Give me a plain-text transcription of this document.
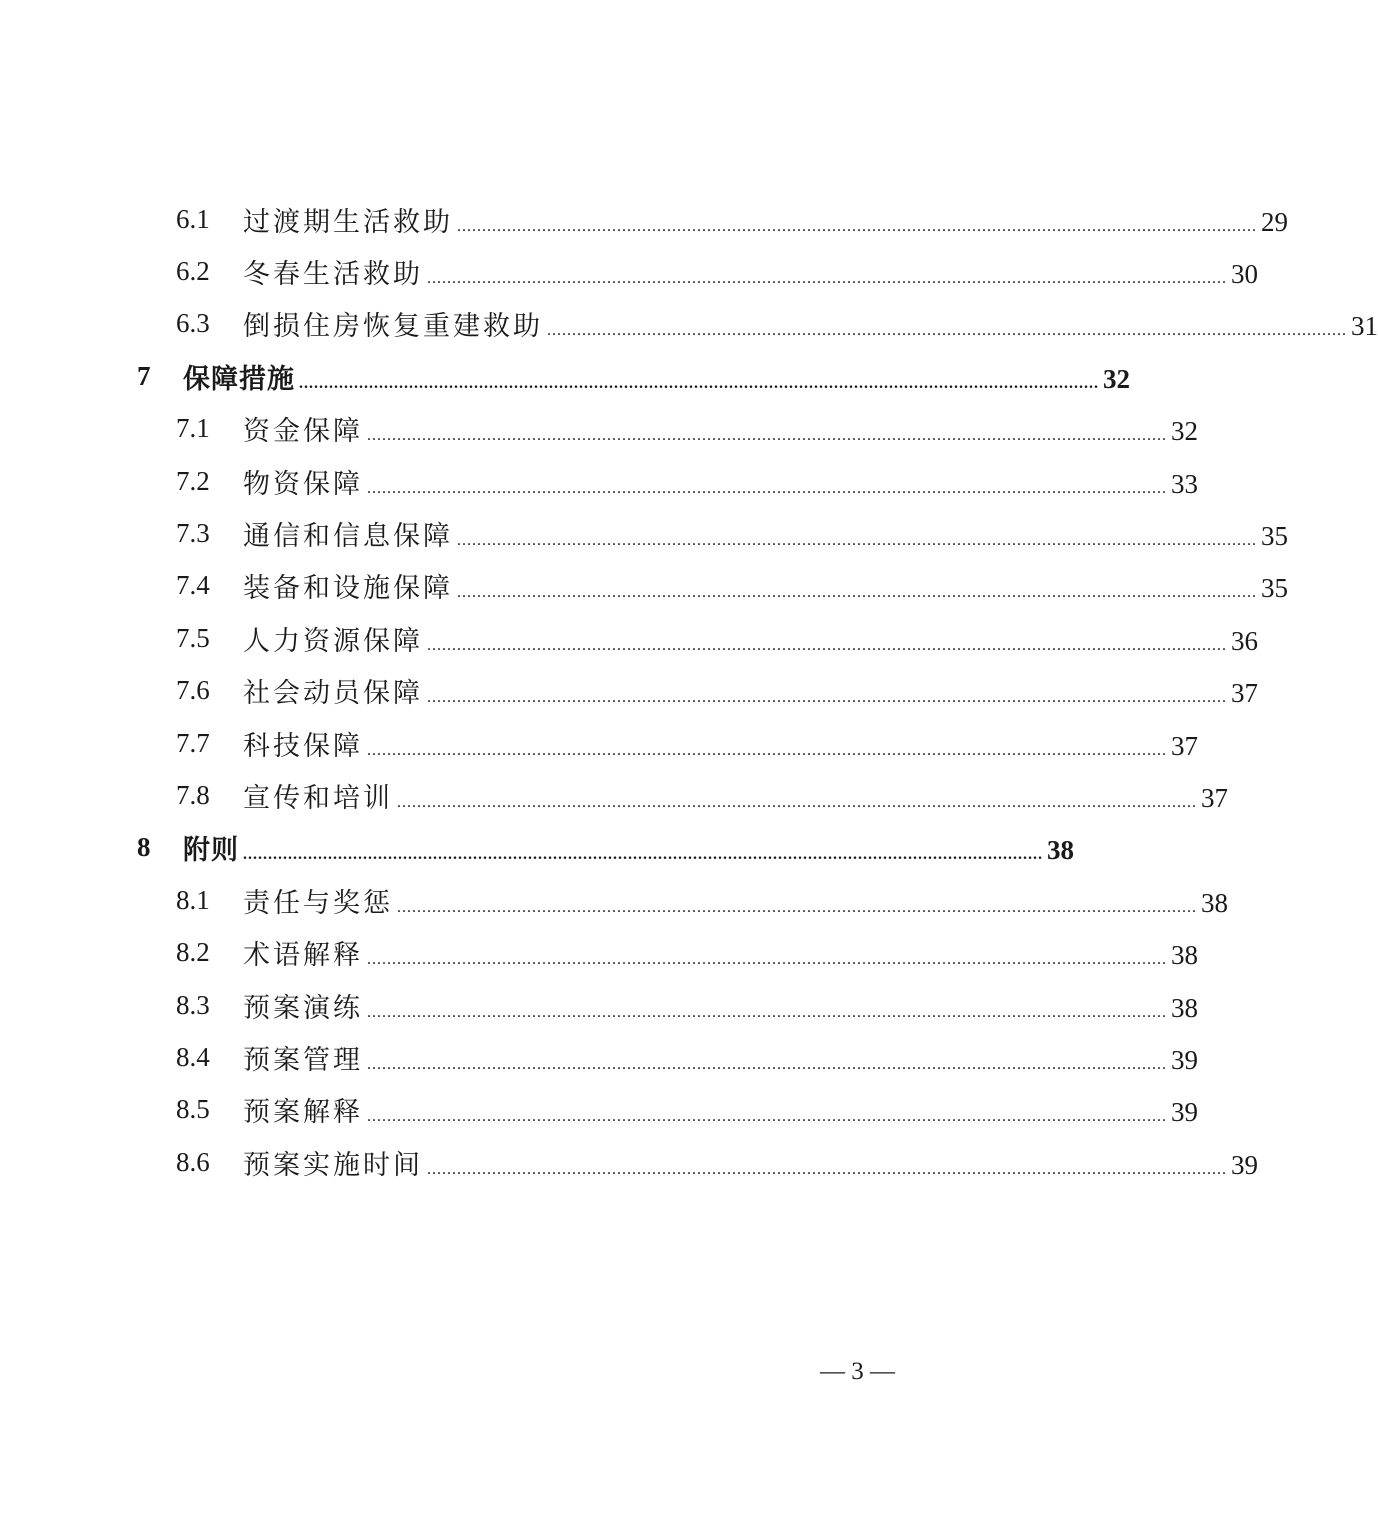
6.1	过渡期生活救助 ................................................................................................................................................................ 29
6.2	冬春生活救助 ................................................................................................................................................................ 30
6.3	倒损住房恢复重建救助 ................................................................................................................................................................ 31
7	保障措施 ................................................................................................................................................................ 32
7.1	资金保障 ................................................................................................................................................................ 32
7.2	物资保障 ................................................................................................................................................................ 33
7.3	通信和信息保障 ................................................................................................................................................................ 35
7.4	装备和设施保障 ................................................................................................................................................................ 35
7.5	人力资源保障 ................................................................................................................................................................ 36
7.6	社会动员保障 ................................................................................................................................................................ 37
7.7	科技保障 ................................................................................................................................................................ 37
7.8	宣传和培训 ................................................................................................................................................................ 37
8	附则 ................................................................................................................................................................ 38
8.1	责任与奖惩 ................................................................................................................................................................ 38
8.2	术语解释 ................................................................................................................................................................ 38
8.3	预案演练 ................................................................................................................................................................ 38
8.4	预案管理 ................................................................................................................................................................ 39
8.5	预案解释 ................................................................................................................................................................ 39
8.6	预案实施时间 ................................................................................................................................................................ 39
— 3 —
